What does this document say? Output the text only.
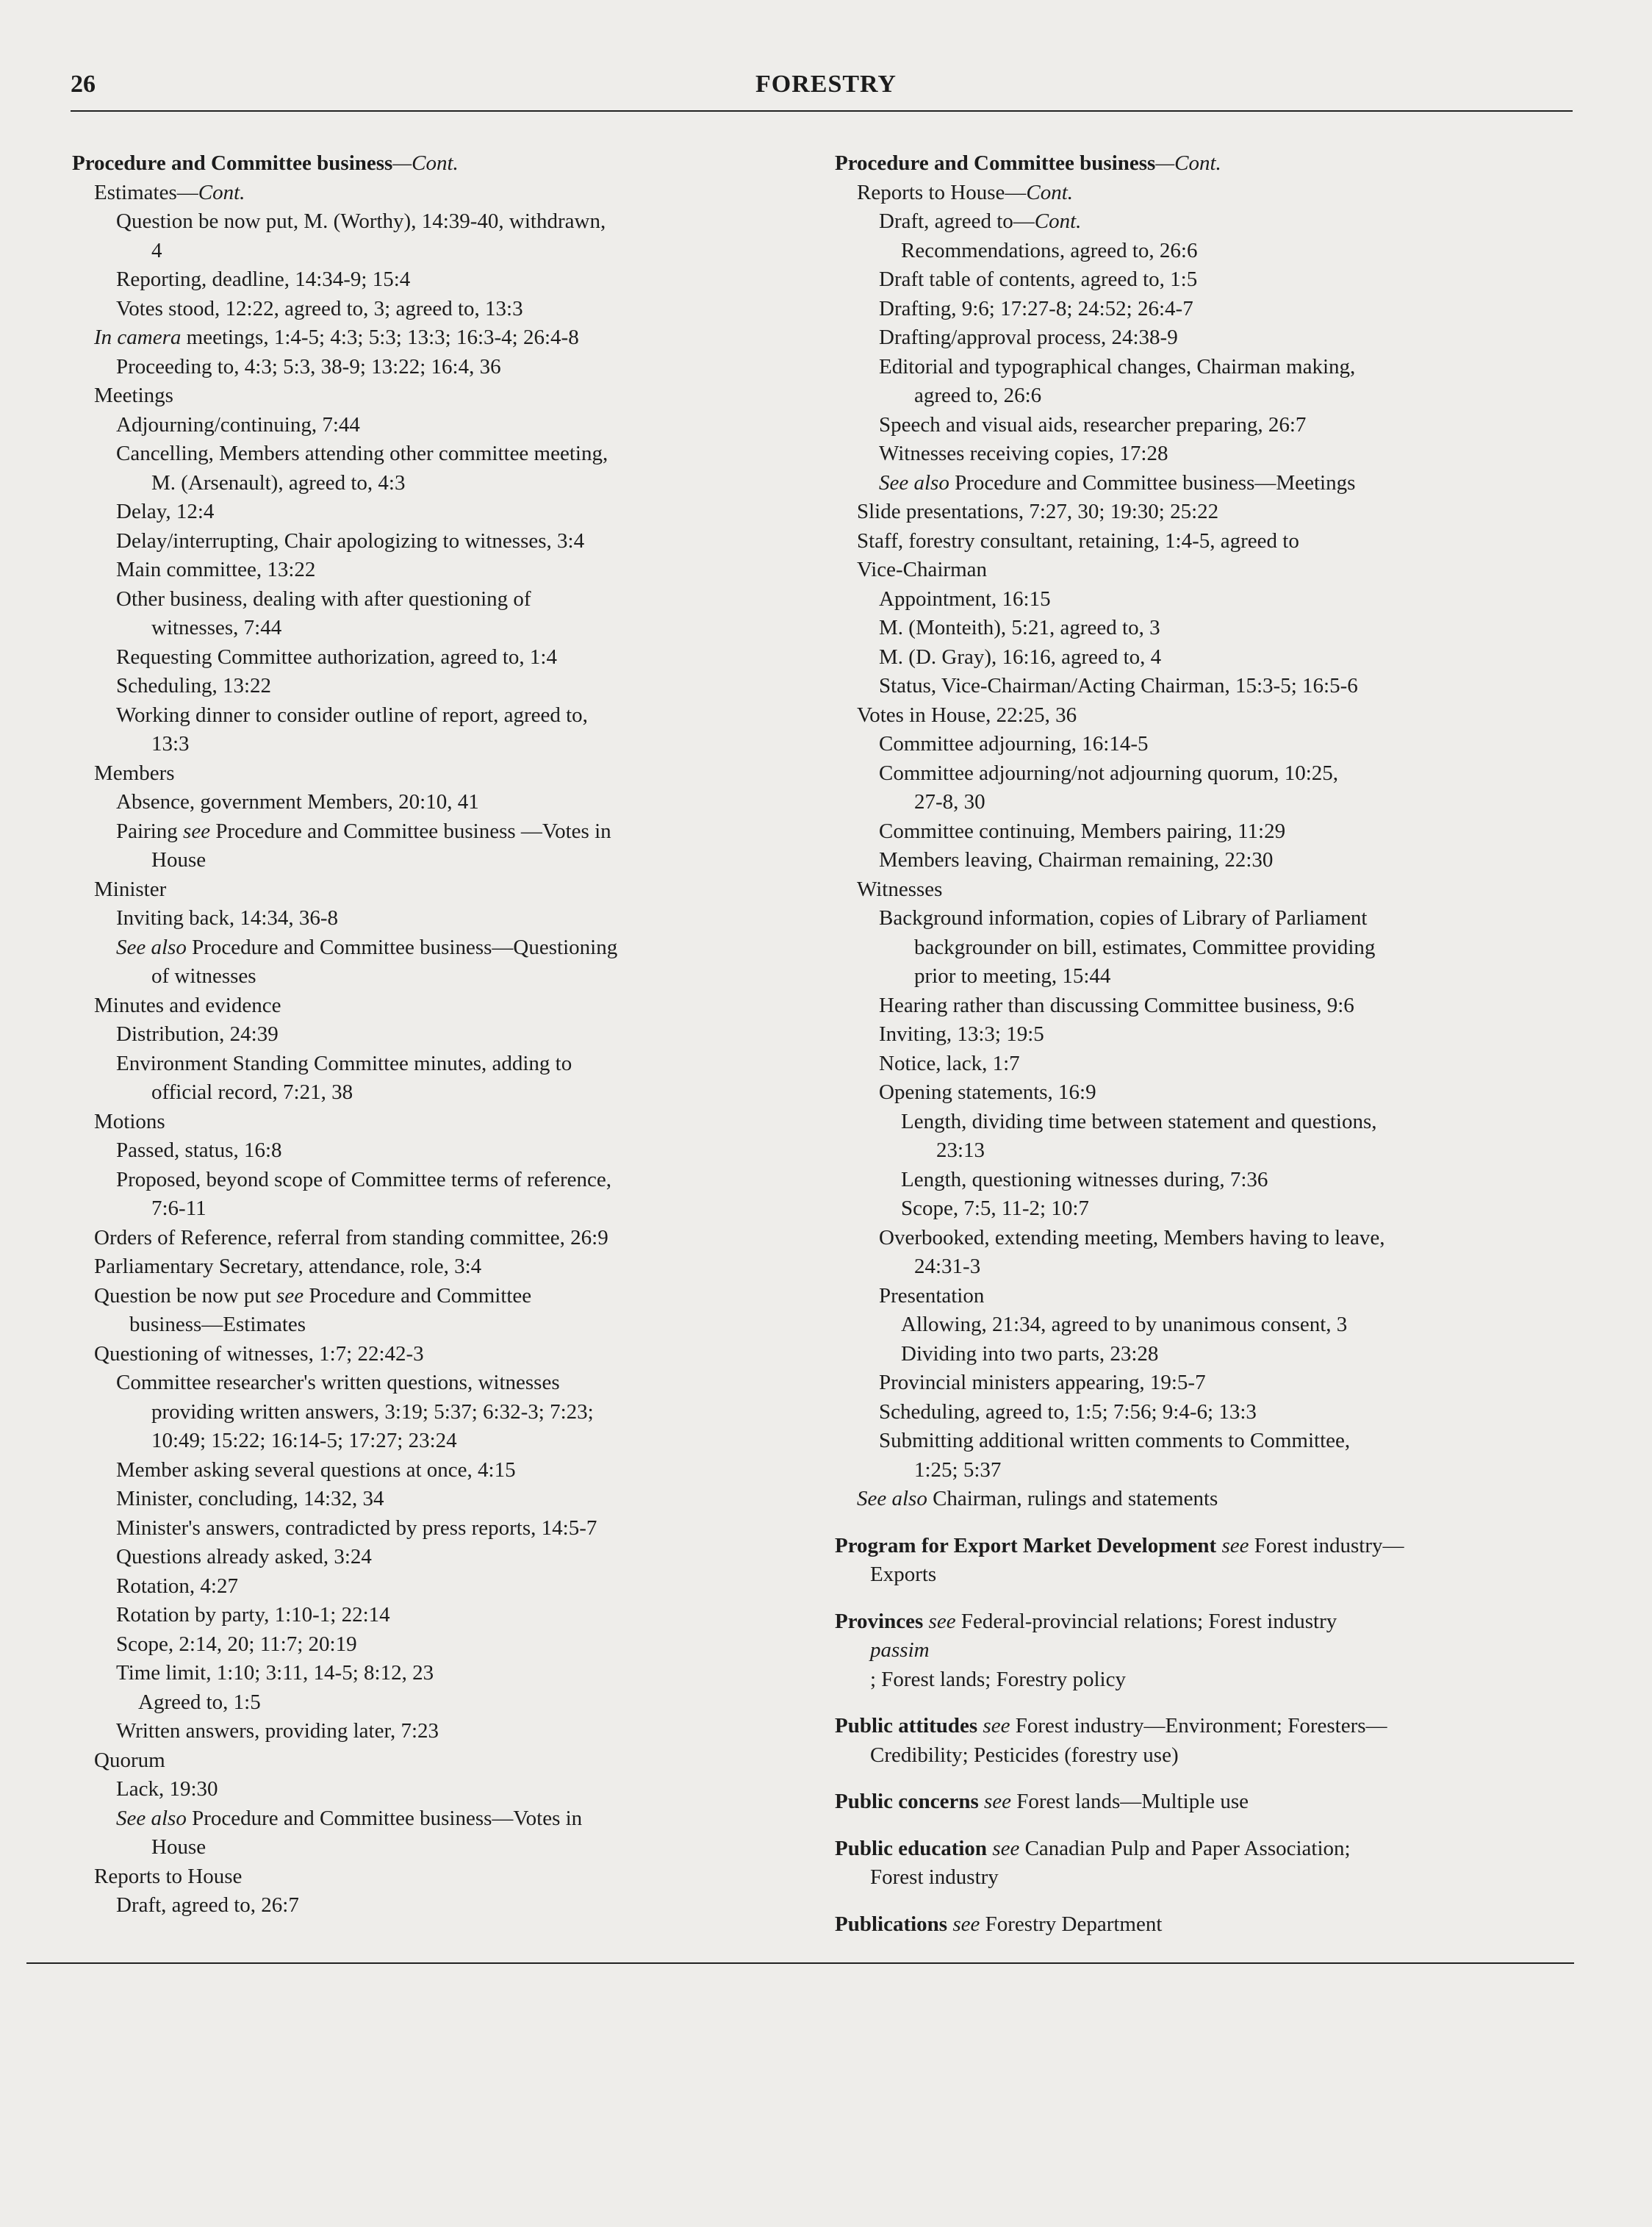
26	FORESTRY
Procedure and Committee business—Cont.
Estimates—Cont.
Question be now put, M. (Worthy), 14:39-40, withdrawn,
4
Reporting, deadline, 14:34-9; 15:4
Votes stood, 12:22, agreed to, 3; agreed to, 13:3
In camera meetings, 1:4-5; 4:3; 5:3; 13:3; 16:3-4; 26:4-8
Proceeding to, 4:3; 5:3, 38-9; 13:22; 16:4, 36
Meetings
Adjourning/continuing, 7:44
Cancelling, Members attending other committee meeting,
M. (Arsenault), agreed to, 4:3
Delay, 12:4
Delay/interrupting, Chair apologizing to witnesses, 3:4
Main committee, 13:22
Other business, dealing with after questioning of
witnesses, 7:44
Requesting Committee authorization, agreed to, 1:4
Scheduling, 13:22
Working dinner to consider outline of report, agreed to,
13:3
Members
Absence, government Members, 20:10, 41
Pairing see Procedure and Committee business —Votes in
House
Minister
Inviting back, 14:34, 36-8
See also Procedure and Committee business—Questioning
of witnesses
Minutes and evidence
Distribution, 24:39
Environment Standing Committee minutes, adding to
official record, 7:21, 38
Motions
Passed, status, 16:8
Proposed, beyond scope of Committee terms of reference,
7:6-11
Orders of Reference, referral from standing committee, 26:9
Parliamentary Secretary, attendance, role, 3:4
Question be now put see Procedure and Committee
business—Estimates
Questioning of witnesses, 1:7; 22:42-3
Committee researcher's written questions, witnesses
providing written answers, 3:19; 5:37; 6:32-3; 7:23;
10:49; 15:22; 16:14-5; 17:27; 23:24
Member asking several questions at once, 4:15
Minister, concluding, 14:32, 34
Minister's answers, contradicted by press reports, 14:5-7
Questions already asked, 3:24
Rotation, 4:27
Rotation by party, 1:10-1; 22:14
Scope, 2:14, 20; 11:7; 20:19
Time limit, 1:10; 3:11, 14-5; 8:12, 23
Agreed to, 1:5
Written answers, providing later, 7:23
Quorum
Lack, 19:30
See also Procedure and Committee business—Votes in
House
Reports to House
Draft, agreed to, 26:7
Procedure and Committee business—Cont.
Reports to House—Cont.
Draft, agreed to—Cont.
Recommendations, agreed to, 26:6
Draft table of contents, agreed to, 1:5
Drafting, 9:6; 17:27-8; 24:52; 26:4-7
Drafting/approval process, 24:38-9
Editorial and typographical changes, Chairman making,
agreed to, 26:6
Speech and visual aids, researcher preparing, 26:7
Witnesses receiving copies, 17:28
See also Procedure and Committee business—Meetings
Slide presentations, 7:27, 30; 19:30; 25:22
Staff, forestry consultant, retaining, 1:4-5, agreed to
Vice-Chairman
Appointment, 16:15
M. (Monteith), 5:21, agreed to, 3
M. (D. Gray), 16:16, agreed to, 4
Status, Vice-Chairman/Acting Chairman, 15:3-5; 16:5-6
Votes in House, 22:25, 36
Committee adjourning, 16:14-5
Committee adjourning/not adjourning quorum, 10:25,
27-8, 30
Committee continuing, Members pairing, 11:29
Members leaving, Chairman remaining, 22:30
Witnesses
Background information, copies of Library of Parliament
backgrounder on bill, estimates, Committee providing
prior to meeting, 15:44
Hearing rather than discussing Committee business, 9:6
Inviting, 13:3; 19:5
Notice, lack, 1:7
Opening statements, 16:9
Length, dividing time between statement and questions,
23:13
Length, questioning witnesses during, 7:36
Scope, 7:5, 11-2; 10:7
Overbooked, extending meeting, Members having to leave,
24:31-3
Presentation
Allowing, 21:34, agreed to by unanimous consent, 3
Dividing into two parts, 23:28
Provincial ministers appearing, 19:5-7
Scheduling, agreed to, 1:5; 7:56; 9:4-6; 13:3
Submitting additional written comments to Committee,
1:25; 5:37
See also Chairman, rulings and statements
Program for Export Market Development see Forest industry—
Exports
Provinces see Federal-provincial relations; Forest industry
passim
; Forest lands; Forestry policy
Public attitudes see Forest industry—Environment; Foresters—
Credibility; Pesticides (forestry use)
Public concerns see Forest lands—Multiple use
Public education see Canadian Pulp and Paper Association;
Forest industry
Publications see Forestry Department
